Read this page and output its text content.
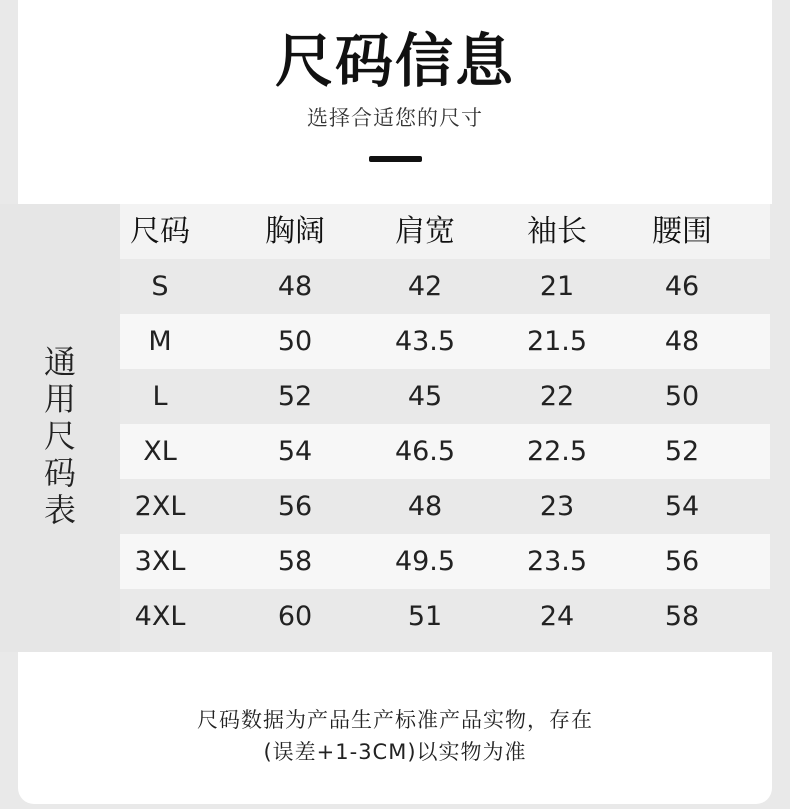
尺码信息
选择合适您的尺寸
通
用
尺
码
表
尺码	胸阔	肩宽	袖长	腰围
S	48	42	21	46
M	50	43.5	21.5	48
L	52	45	22	50
XL	54	46.5	22.5	52
2XL	56	48	23	54
3XL	58	49.5	23.5	56
4XL	60	51	24	58
尺码数据为产品生产标准产品实物，存在
(误差+1-3CM)以实物为准
